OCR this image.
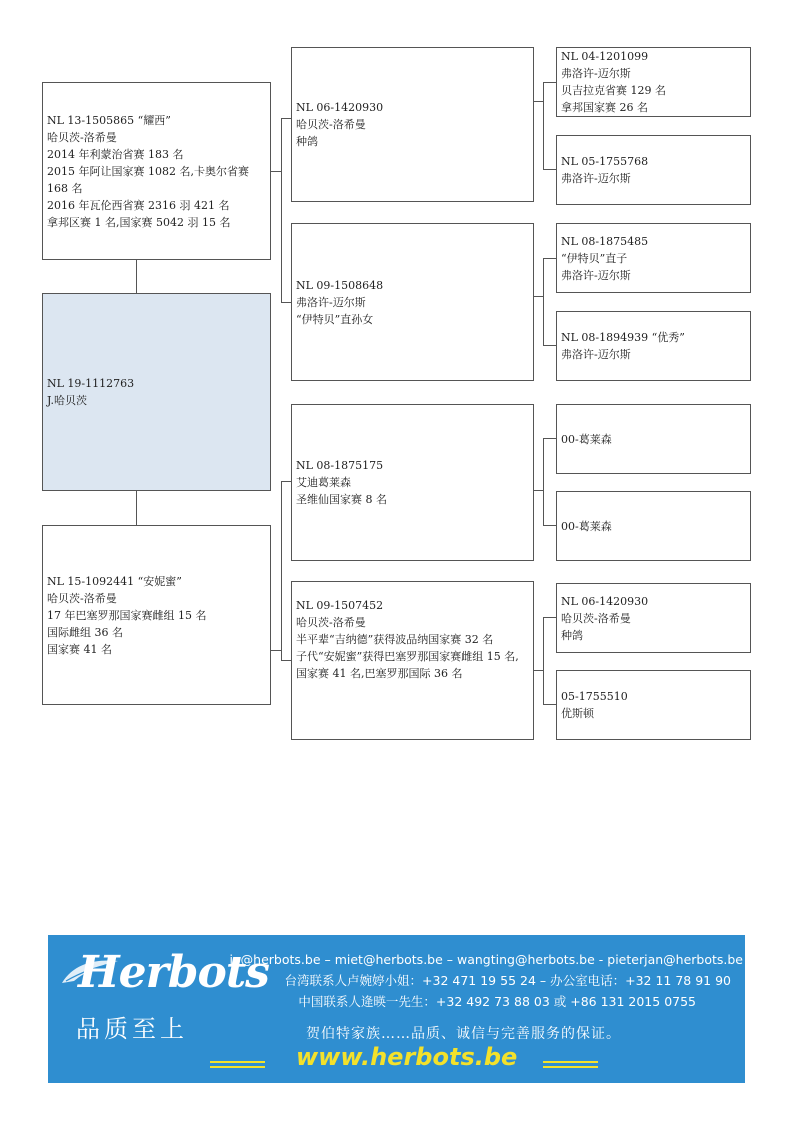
NL 13-1505865 “耀西”
哈贝茨-洛希曼
2014 年利蒙治省赛 183 名
2015 年阿让国家赛 1082 名,卡奥尔省赛 168 名
2016 年瓦伦西省赛 2316 羽 421 名
拿邦区赛 1 名,国家赛 5042 羽 15 名
NL 19-1112763
J.哈贝茨
NL 15-1092441 “安妮蜜”
哈贝茨-洛希曼
17 年巴塞罗那国家赛雌组 15 名
国际雌组 36 名
国家赛 41 名
NL 06-1420930
哈贝茨-洛希曼
种鸽
NL 09-1508648
弗洛许-迈尔斯
“伊特贝”直孙女
NL 08-1875175
艾迪葛莱森
圣维仙国家赛 8 名
NL 09-1507452
哈贝茨-洛希曼
半平辈“吉纳德”获得波品纳国家赛 32 名
子代“安妮蜜”获得巴塞罗那国家赛雌组 15 名,国家赛 41 名,巴塞罗那国际 36 名
NL 04-1201099
弗洛许-迈尔斯
贝吉拉克省赛 129 名
拿邦国家赛 26 名
NL 05-1755768
弗洛许-迈尔斯
NL 08-1875485
“伊特贝”直子
弗洛许-迈尔斯
NL 08-1894939 “优秀”
弗洛许-迈尔斯
00-葛莱森
00-葛莱森
NL 06-1420930
哈贝茨-洛希曼
种鸽
05-1755510
优斯顿
Herbots
品质至上
jo@herbots.be – miet@herbots.be – wangting@herbots.be - pieterjan@herbots.be
台湾联系人卢婉婷小姐：+32 471 19 55 24 – 办公室电话：+32 11 78 91 90
中国联系人逄暎一先生：+32 492 73 88 03 或 +86 131 2015 0755
贺伯特家族……品质、诚信与完善服务的保证。
www.herbots.be
